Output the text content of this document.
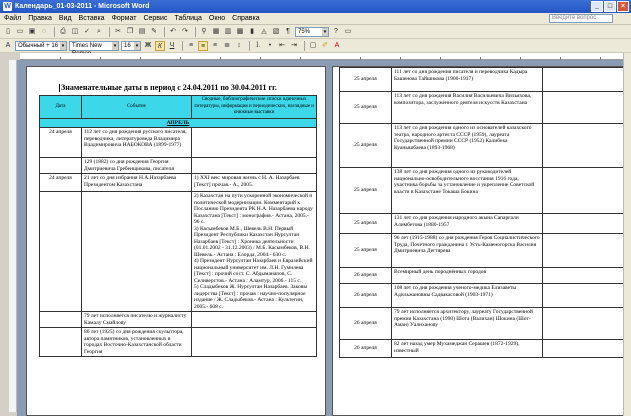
W Календарь_01-03-2011 - Microsoft Word	_	□	×
Файл Правка Вид Вставка Формат Сервис Таблица Окно Справка	Введите вопрос
▯ ▭ ▣ ◌	⎙ ◫ ✓	⌕	✂ ❐ ▤ ✎ ↶ ↷	⚲ ▦ ▥ ▩ ▮	◬ ▧ ¶	75%	▾	? ▭
A	Обычный + 16 ▾	Times New	▾	16	▾ Ж К	Ч	≡	≡	≡	≣	↕	⒈	•	⇤ ⇥ ▢ ✐ A
Знаменательные даты в период с 24.04.2011 по 30.04.2011 гг.
Дата	Событие	Сводные, библиографические списки одиночных литературы, информация и периодических, наглядные и книжные выставки
АПРЕЛЬ		
24 апреля	112 лет со дня рождения русского писателя, переводчика, литературоведа Владимира Владимировича НАБОКОВА (1899-1977)	
	129 (1882) со дня рождения Георгия Дмитриевича Гребенщикова, писателя	
24 апреля	21 лет со дня избрания Н.А.Назарбаева Президентом Казахстана	1) XXI век: мировая жизнь с Н. А. Назарбаев [Текст] прочая.- А., 2005.
		2) Казахстан на пути ускоренной экономической и политической модернизации. Комментарий к Посланию Президента РК Н.А. Назарбаева народу Казахстана [Текст] : монография.- Астана, 2005.- 96 с.
3) Касымбеков М.Б., Шевель В.Н. Первый Президент Республики Казахстан Нурсултан Назарбаев [Текст] : Хроника деятельности (01.01.2002 - 31.12.2003) / М.Б. Касымбеков, В.Н. Шевель.- Астана : Елорда, 2004.- 630 с.
4) Президент Нурсултан Назарбаев и Евразийский национальный университет им. Л.Н. Гумилева [Текст] : прочий сост. С. Абдыманапов, С. Селиверстов.- Астана : Аламтур, 2006.- 115 с.
5) Сладыбеков Ж. Нурсултан Назарбаев. Заковы лидерства [Текст] : прочая : научно-популярное издание / Ж. Сладыбеков.- Астана : Культегин, 2005.- 608 с.
	79 лет исполняется писателю и журналисту Камалу Смайлову	
	86 лет (1925) со дня рождения скульптора, автора памятников, установленных в городах Восточно-Казахстанской области Георгия	
25 апреля	111 лет со дня рождения писателя и переводчика Кадыра Башенова Тайшикова (1900-1937)	
25 апреля	113 лет со дня рождения Василия Васильевича Вильяхова, композитора, заслуженного деятеля искусств Казахстана	
25 апреля	113 лет со дня рождения одного из основателей казахского театра, народного артиста СССР (1959), лауреата Государственной премии СССР (1952) Калибека Куанышбаева (1893-1968)	
25 апреля	138 лет со дня рождения одного из руководителей национально-освободительного восстания 1916 года, участника борьбы за установление и укрепление Советской власти в Казахстане Токаша Бокина	
25 апреля	131 лет со дня рождения народного акына Сапарғали Алимбетова (1880-1957	
25 апреля	96 лет (1915-1988) со дня рождения Героя Социалистического Труда, Почетного гражданина г. Усть-Каменогорска Василия Дмитриевича Дегтярева	
26 апреля	Всемирный день породнённых городов	
26 апреля	108 лет со дня рождения ученого-медика Елизаветы Адильжановны Садвакасовой (1903-1971)	
26 апреля	79 лет исполняется архитектору, лауреату Государственной премии Казахстана (1990) Шота (Валихан) Шокина (Шот-Аман) Уалиханову	
26 апреля	82 лет назад умер Мухамеджан Серашев (1872-1929), известный	
